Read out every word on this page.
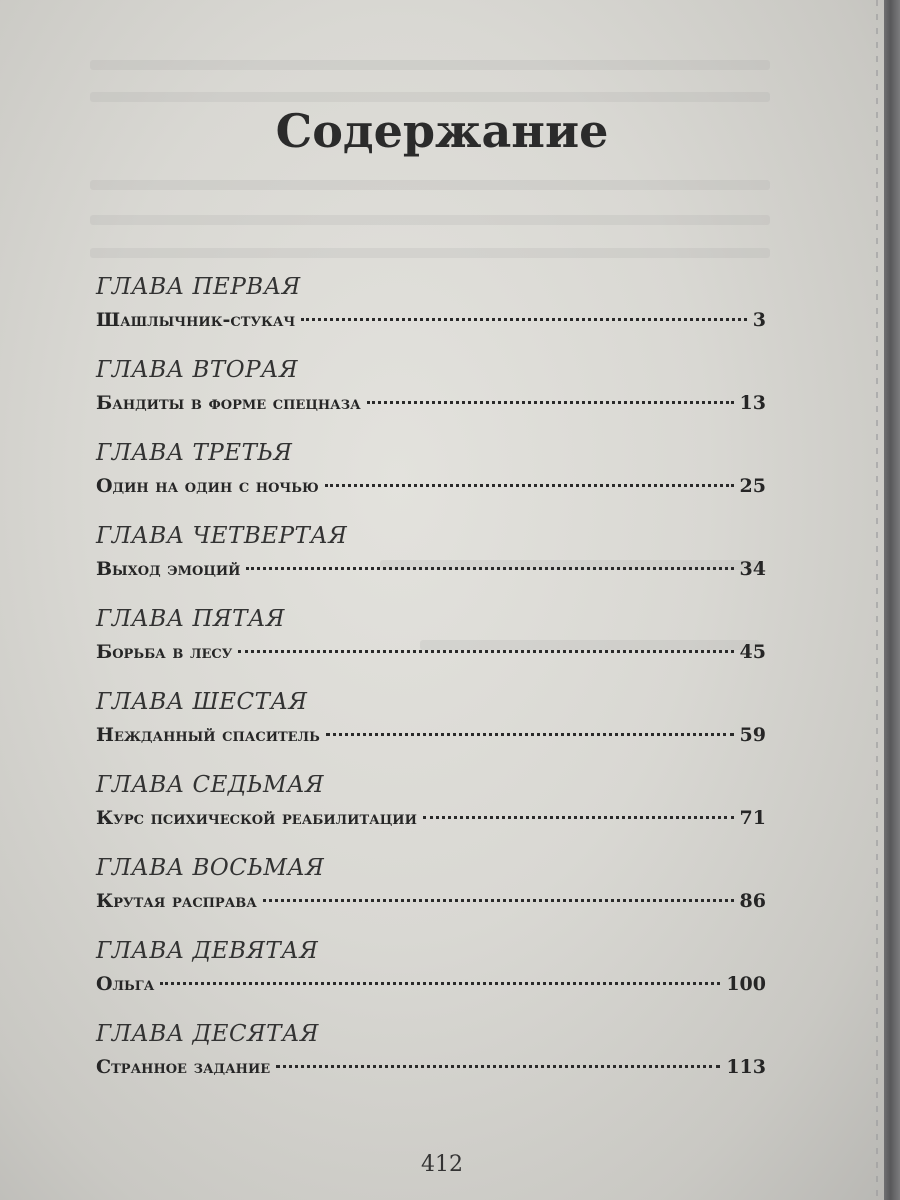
Содержание
ГЛАВА ПЕРВАЯ
Шашлычник-стукач	3
ГЛАВА ВТОРАЯ
Бандиты в форме спецназа	13
ГЛАВА ТРЕТЬЯ
Один на один с ночью	25
ГЛАВА ЧЕТВЕРТАЯ
Выход эмоций	34
ГЛАВА ПЯТАЯ
Борьба в лесу	45
ГЛАВА ШЕСТАЯ
Нежданный спаситель	59
ГЛАВА СЕДЬМАЯ
Курс психической реабилитации	71
ГЛАВА ВОСЬМАЯ
Крутая расправа	86
ГЛАВА ДЕВЯТАЯ
Ольга	100
ГЛАВА ДЕСЯТАЯ
Странное задание	113
412
